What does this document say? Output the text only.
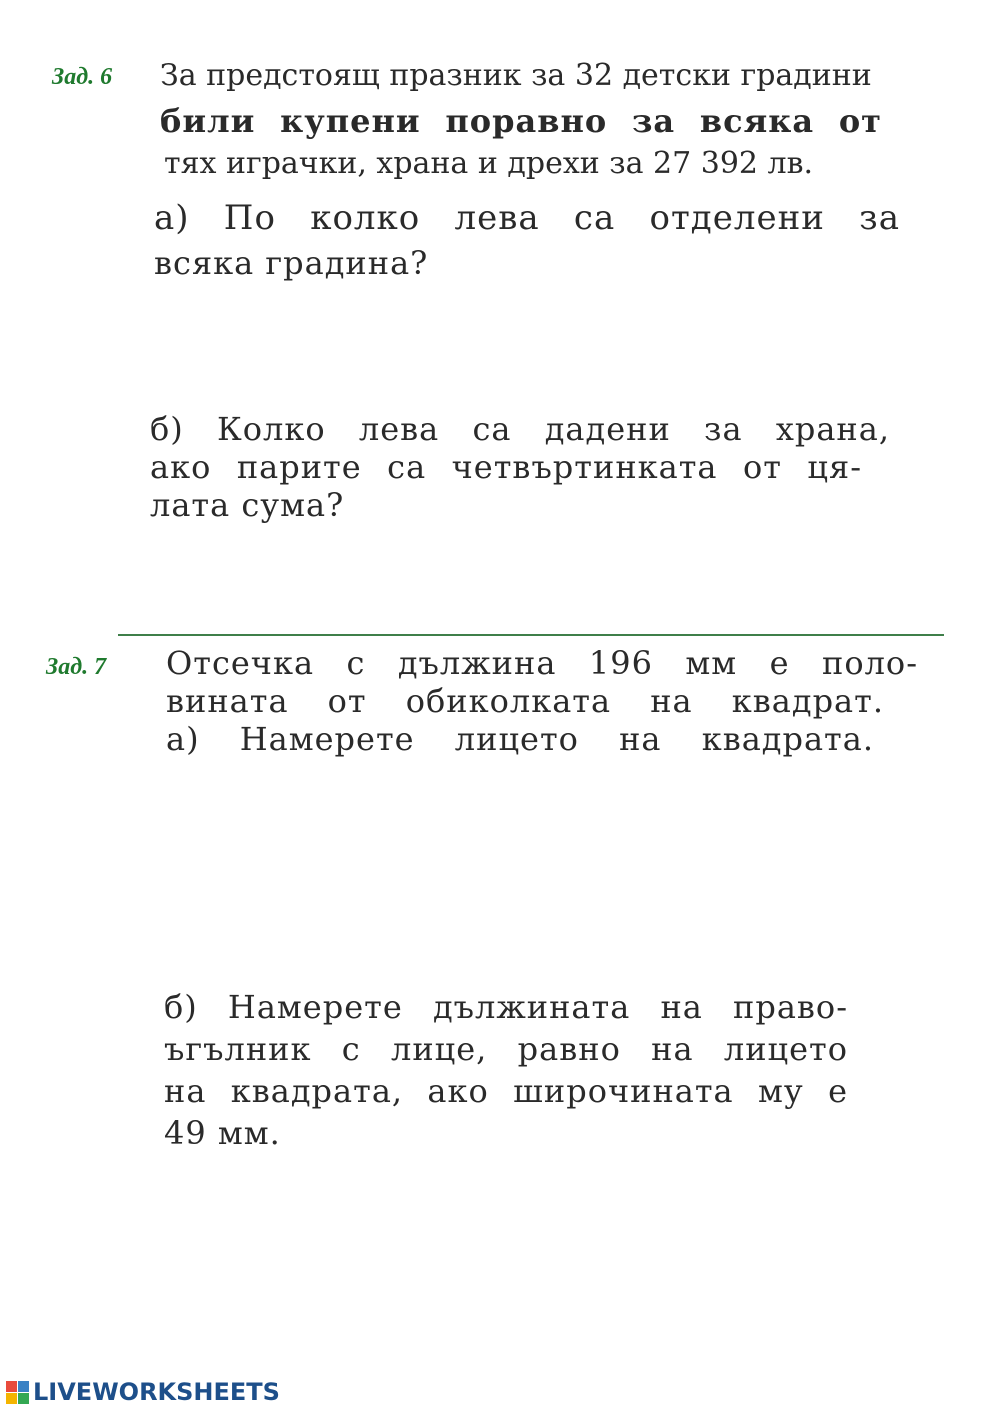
Зад. 6 За предстоящ празник за 32 детски градини
били купени поравно за всяка от
тях играчки, храна и дрехи за 27 392 лв.
а) По колко лева са отделени за
всяка градина?
б) Колко лева са дадени за храна,
ако парите са четвъртинката от ця-
лата сума?
Зад. 7 Отсечка с дължина 196 мм е поло-
вината от обиколката на квадрат.
а) Намерете лицето на квадрата.
б) Намерете дължината на право-
ъгълник с лице, равно на лицето
на квадрата, ако широчината му е
49 мм.
LIVEWORKSHEETS
